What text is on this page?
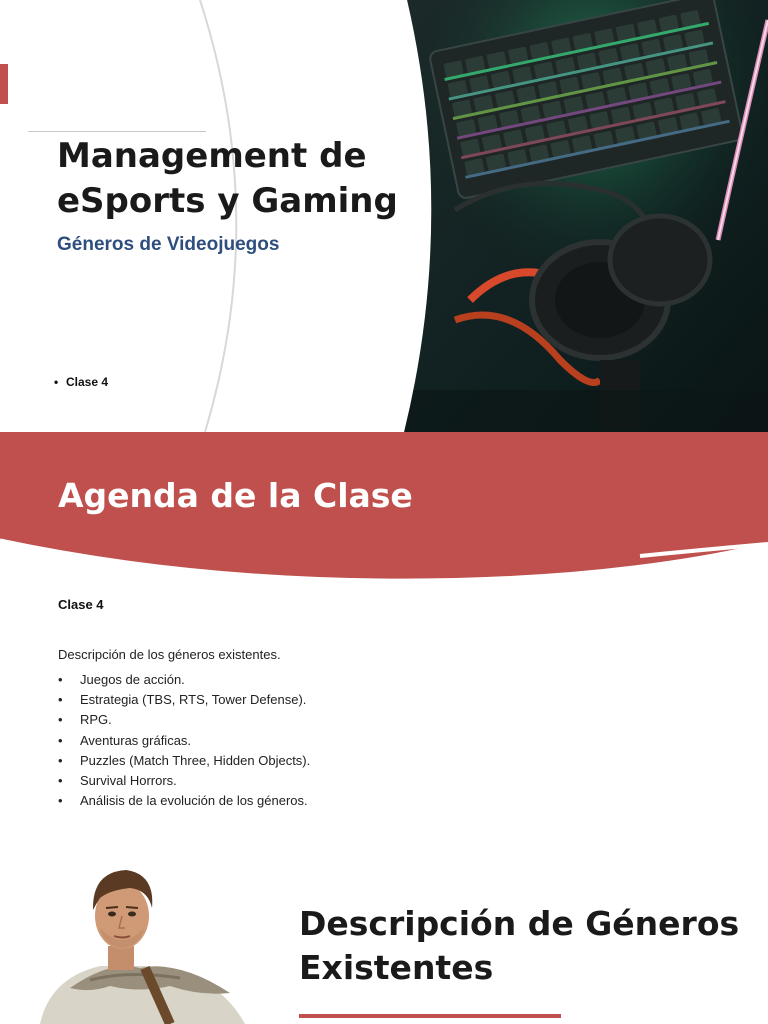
Management de
eSports y Gaming
Géneros de Videojuegos
• Clase 4
Agenda de la Clase
Clase 4
Descripción de los géneros existentes.
• Juegos de acción.
• Estrategia (TBS, RTS, Tower Defense).
• RPG.
• Aventuras gráficas.
• Puzzles (Match Three, Hidden Objects).
• Survival Horrors.
• Análisis de la evolución de los géneros.
Descripción de Géneros
Existentes
